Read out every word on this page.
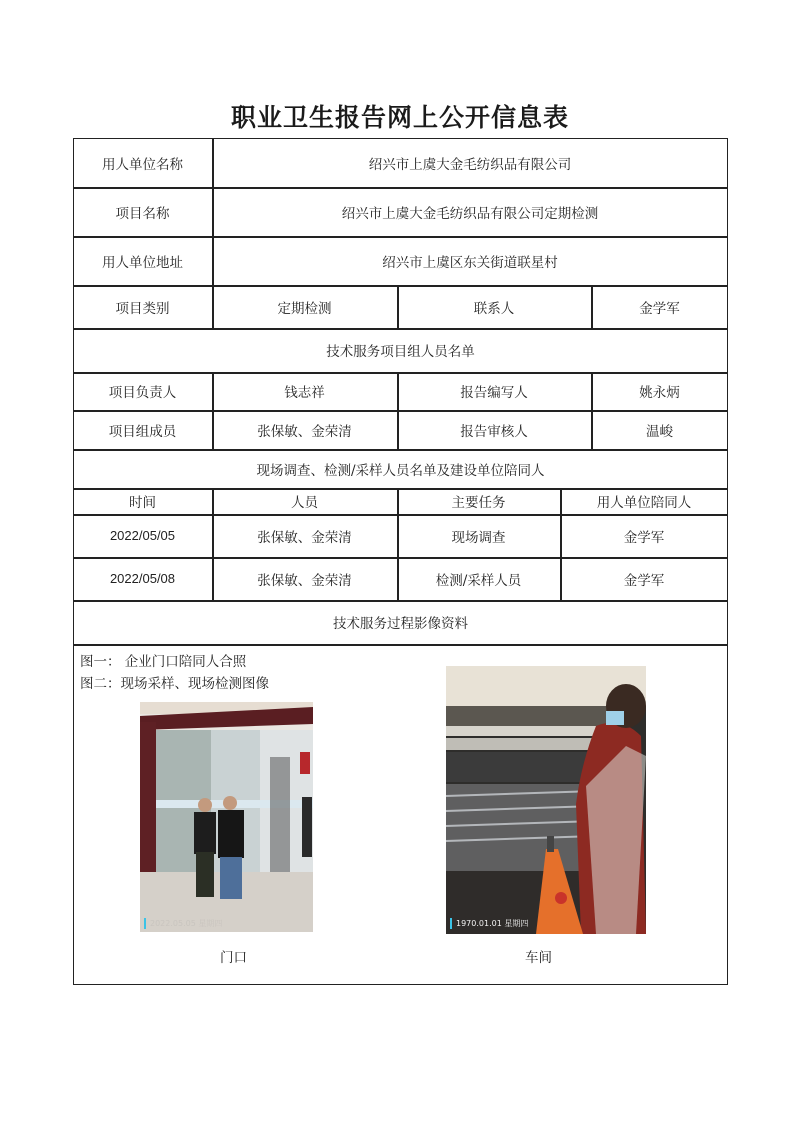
职业卫生报告网上公开信息表
用人单位名称	绍兴市上虞大金毛纺织品有限公司
项目名称	绍兴市上虞大金毛纺织品有限公司定期检测
用人单位地址	绍兴市上虞区东关街道联星村
项目类别	定期检测	联系人	金学军
技术服务项目组人员名单
项目负责人	钱志祥	报告编写人	姚永炳
项目组成员	张保敏、金荣清	报告审核人	温峻
现场调查、检测/采样人员名单及建设单位陪同人
时间	人员	主要任务	用人单位陪同人
2022/05/05	张保敏、金荣清	现场调查	金学军
2022/05/08	张保敏、金荣清	检测/采样人员	金学军
技术服务过程影像资料
图一： 企业门口陪同人合照
图二：现场采样、现场检测图像
2022.05.05 星期四
门口
1970.01.01 星期四
车间
